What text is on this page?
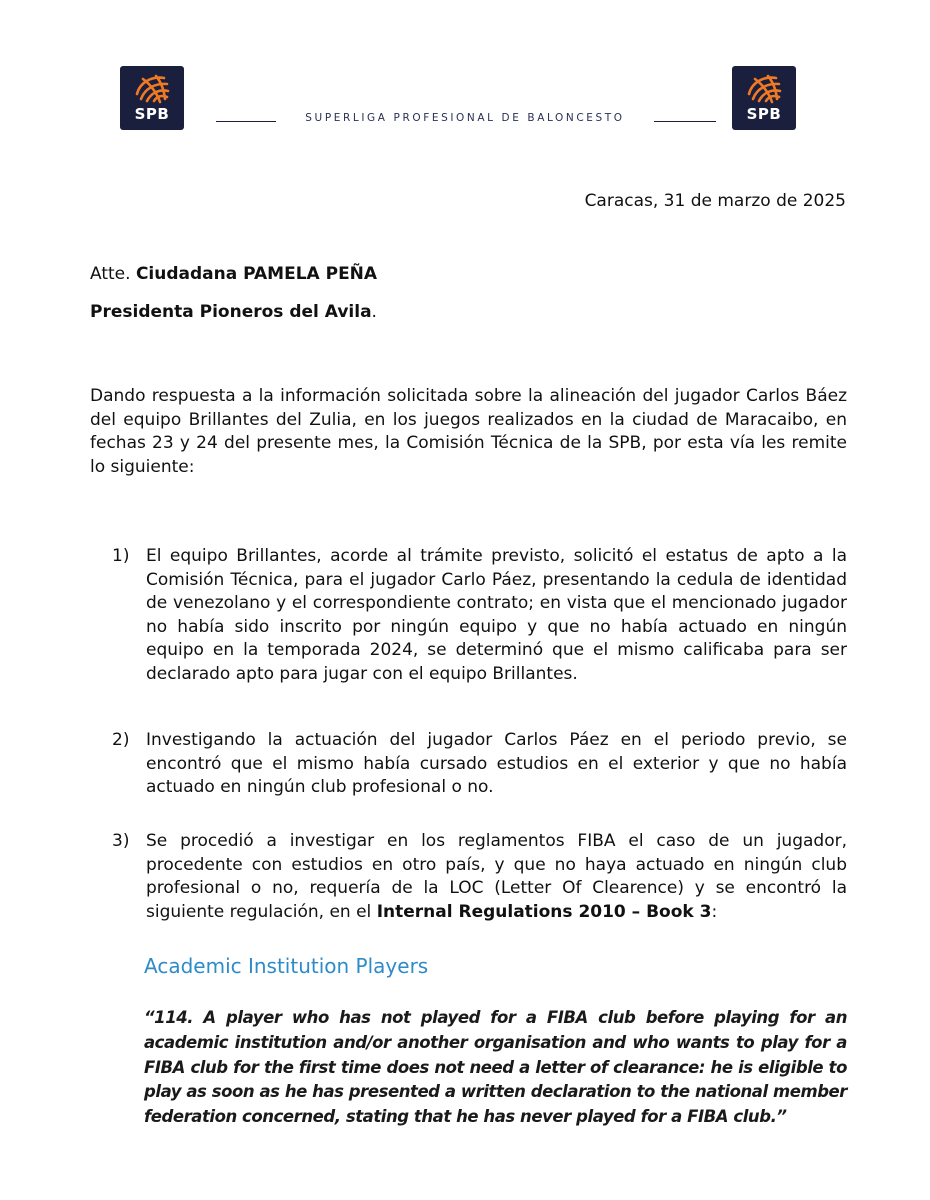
SPB	SUPERLIGA PROFESIONAL DE BALONCESTO	SPB
Caracas, 31 de marzo de 2025
Atte. Ciudadana PAMELA PEÑA
Presidenta Pioneros del Avila.

Dando respuesta a la información solicitada sobre la alineación del jugador Carlos Báez del equipo Brillantes del Zulia, en los juegos realizados en la ciudad de Maracaibo, en fechas 23 y 24 del presente mes, la Comisión Técnica de la SPB, por esta vía les remite lo siguiente:

1) El equipo Brillantes, acorde al trámite previsto, solicitó el estatus de apto a la Comisión Técnica, para el jugador Carlo Páez, presentando la cedula de identidad de venezolano y el correspondiente contrato; en vista que el mencionado jugador no había sido inscrito por ningún equipo y que no había actuado en ningún equipo en la temporada 2024, se determinó que el mismo calificaba para ser declarado apto para jugar con el equipo Brillantes.
2) Investigando la actuación del jugador Carlos Páez en el periodo previo, se encontró que el mismo había cursado estudios en el exterior y que no había actuado en ningún club profesional o no.
3) Se procedió a investigar en los reglamentos FIBA el caso de un jugador, procedente con estudios en otro país, y que no haya actuado en ningún club profesional o no, requería de la LOC (Letter Of Clearence) y se encontró la siguiente regulación, en el Internal Regulations 2010 – Book 3:
Academic Institution Players

“114. A player who has not played for a FIBA club before playing for an academic institution and/or another organisation and who wants to play for a FIBA club for the first time does not need a letter of clearance: he is eligible to play as soon as he has presented a written declaration to the national member federation concerned, stating that he has never played for a FIBA club.”
